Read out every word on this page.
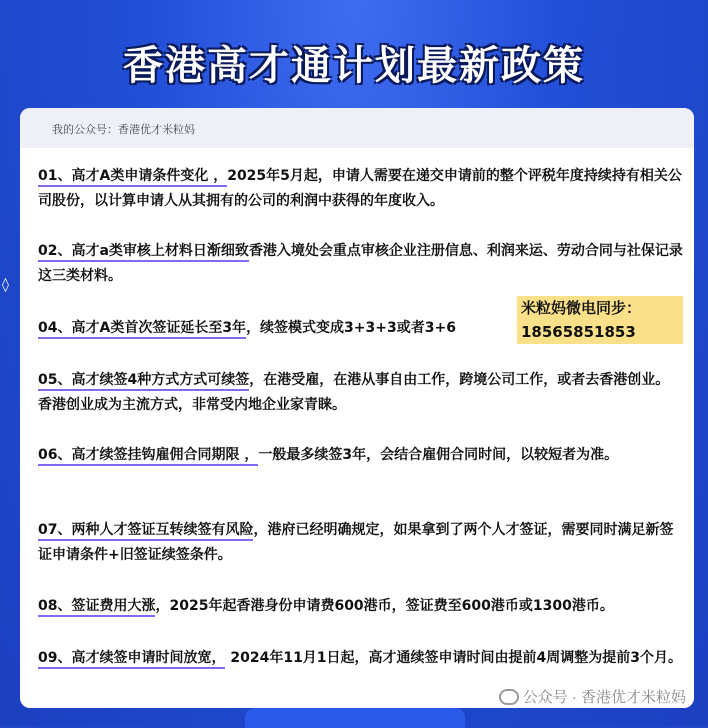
香港高才通计划最新政策
◊
我的公众号：香港优才米粒妈
01、高才A类申请条件变化 ，2025年5月起，申请人需要在递交申请前的整个评税年度持续持有相关公司股份，以计算申请人从其拥有的公司的利润中获得的年度收入。
02、高才a类审核上材料日渐细致香港入境处会重点审核企业注册信息、利润来运、劳动合同与社保记录这三类材料。
04、高才A类首次签证延长至3年，续签模式变成3+3+3或者3+6
米粒妈微电同步：
18565851853
05、高才续签4种方式方式可续签，在港受雇，在港从事自由工作，跨境公司工作，或者去香港创业。香港创业成为主流方式，非常受内地企业家青睐。
06、高才续签挂钩雇佣合同期限 ，一般最多续签3年，会结合雇佣合同时间，以较短者为准。
07、两种人才签证互转续签有风险，港府已经明确规定，如果拿到了两个人才签证，需要同时满足新签证申请条件+旧签证续签条件。
08、签证费用大涨，2025年起香港身份申请费600港币，签证费至600港币或1300港币。
09、高才续签申请时间放宽， 2024年11月1日起，高才通续签申请时间由提前4周调整为提前3个月。
公众号 · 香港优才米粒妈
